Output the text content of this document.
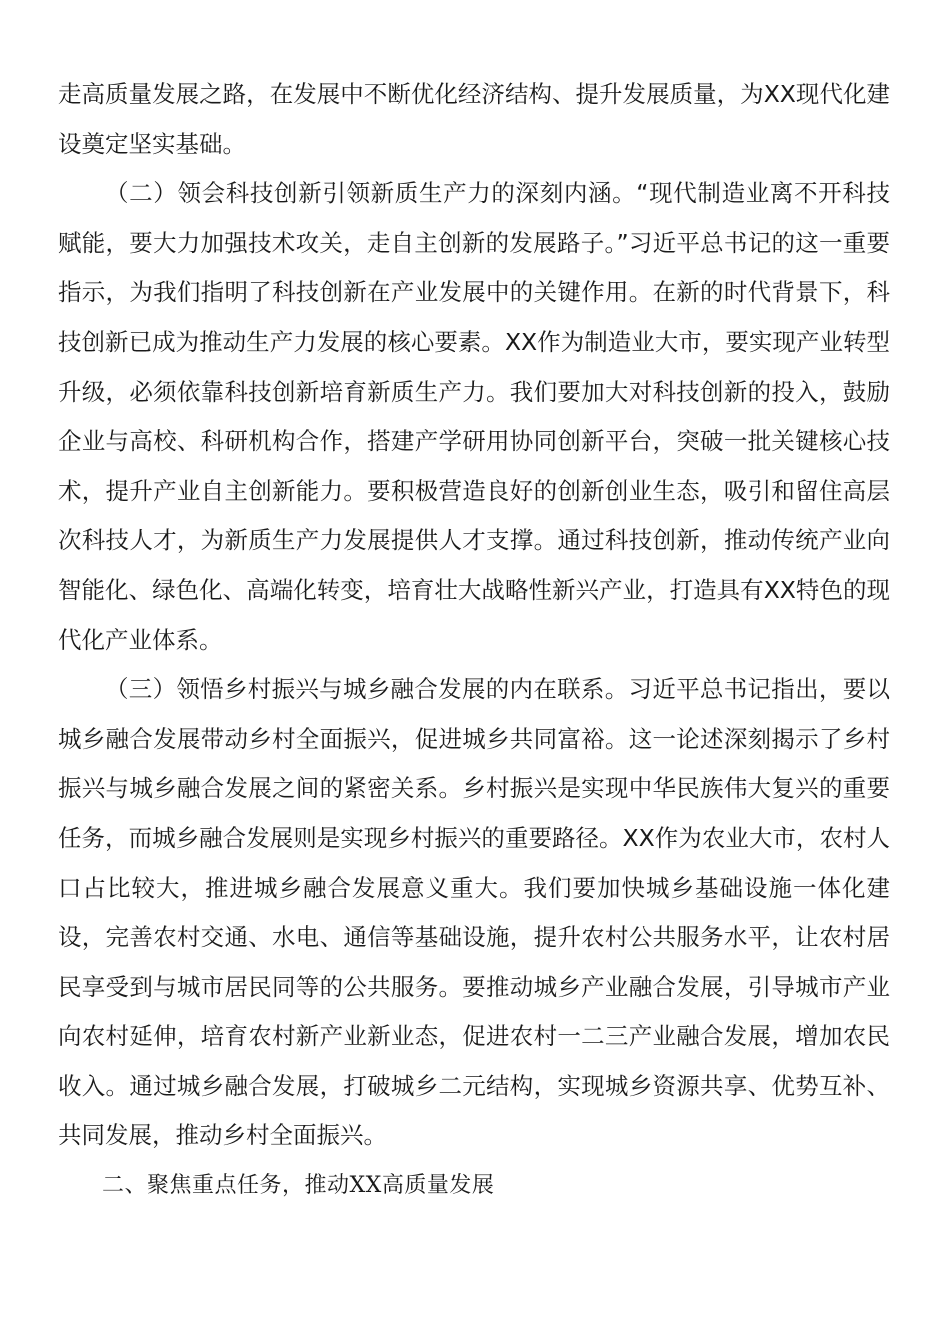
走高质量发展之路，在发展中不断优化经济结构、提升发展质量，为XX现代化建设奠定坚实基础。

（二）领会科技创新引领新质生产力的深刻内涵。“现代制造业离不开科技赋能，要大力加强技术攻关，走自主创新的发展路子。”习近平总书记的这一重要指示，为我们指明了科技创新在产业发展中的关键作用。在新的时代背景下，科技创新已成为推动生产力发展的核心要素。XX作为制造业大市，要实现产业转型升级，必须依靠科技创新培育新质生产力。我们要加大对科技创新的投入，鼓励企业与高校、科研机构合作，搭建产学研用协同创新平台，突破一批关键核心技术，提升产业自主创新能力。要积极营造良好的创新创业生态，吸引和留住高层次科技人才，为新质生产力发展提供人才支撑。通过科技创新，推动传统产业向智能化、绿色化、高端化转变，培育壮大战略性新兴产业，打造具有XX特色的现代化产业体系。

（三）领悟乡村振兴与城乡融合发展的内在联系。习近平总书记指出，要以城乡融合发展带动乡村全面振兴，促进城乡共同富裕。这一论述深刻揭示了乡村振兴与城乡融合发展之间的紧密关系。乡村振兴是实现中华民族伟大复兴的重要任务，而城乡融合发展则是实现乡村振兴的重要路径。XX作为农业大市，农村人口占比较大，推进城乡融合发展意义重大。我们要加快城乡基础设施一体化建设，完善农村交通、水电、通信等基础设施，提升农村公共服务水平，让农村居民享受到与城市居民同等的公共服务。要推动城乡产业融合发展，引导城市产业向农村延伸，培育农村新产业新业态，促进农村一二三产业融合发展，增加农民收入。通过城乡融合发展，打破城乡二元结构，实现城乡资源共享、优势互补、共同发展，推动乡村全面振兴。

二、聚焦重点任务，推动XX高质量发展
